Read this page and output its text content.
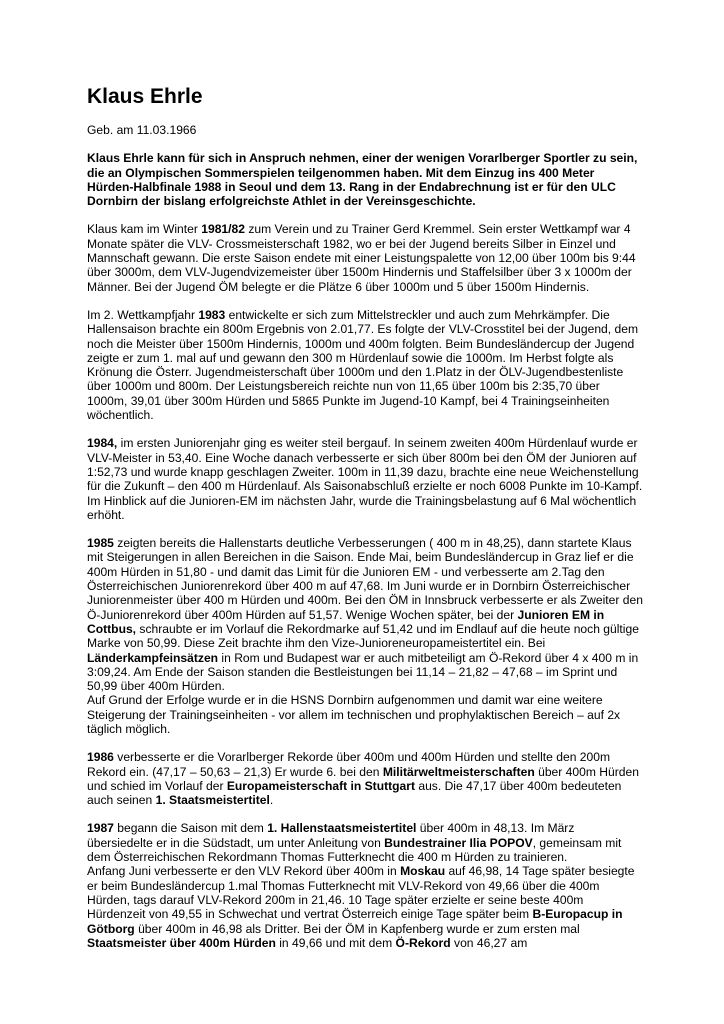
Klaus Ehrle

Geb. am 11.03.1966

Klaus Ehrle kann für sich in Anspruch nehmen, einer der wenigen Vorarlberger Sportler zu sein, die an Olympischen Sommerspielen teilgenommen haben. Mit dem Einzug ins 400 Meter Hürden-Halbfinale 1988 in Seoul und dem 13. Rang in der Endabrechnung ist er für den ULC Dornbirn der bislang erfolgreichste Athlet in der Vereinsgeschichte.

Klaus kam im Winter 1981/82 zum Verein und zu Trainer Gerd Kremmel. Sein erster Wettkampf war 4 Monate später die VLV- Crossmeisterschaft 1982, wo er bei der Jugend bereits Silber in Einzel und Mannschaft gewann. Die erste Saison endete mit einer Leistungspalette von 12,00 über 100m bis 9:44 über 3000m, dem VLV-Jugendvizemeister über 1500m Hindernis und Staffelsilber über 3 x 1000m der Männer. Bei der Jugend ÖM belegte er die Plätze 6 über 1000m und 5 über 1500m Hindernis.

Im 2. Wettkampfjahr 1983 entwickelte er sich zum Mittelstreckler und auch zum Mehrkämpfer. Die Hallensaison brachte ein 800m Ergebnis von 2.01,77. Es folgte der VLV-Crosstitel bei der Jugend, dem noch die Meister über 1500m Hindernis, 1000m und 400m folgten. Beim Bundesländercup der Jugend zeigte er zum 1. mal auf und gewann den 300 m Hürdenlauf sowie die 1000m. Im Herbst folgte als Krönung die Österr. Jugendmeisterschaft über 1000m und den 1.Platz in der ÖLV-Jugendbestenliste über 1000m und 800m. Der Leistungsbereich reichte nun von 11,65 über 100m bis 2:35,70 über 1000m, 39,01 über 300m Hürden und 5865 Punkte im Jugend-10 Kampf, bei 4 Trainingseinheiten wöchentlich.

1984, im ersten Juniorenjahr ging es weiter steil bergauf. In seinem zweiten 400m Hürdenlauf wurde er VLV-Meister in 53,40. Eine Woche danach verbesserte er sich über 800m bei den ÖM der Junioren auf 1:52,73 und wurde knapp geschlagen Zweiter. 100m in 11,39 dazu, brachte eine neue Weichenstellung für die Zukunft – den 400 m Hürdenlauf. Als Saisonabschluß erzielte er noch 6008 Punkte im 10-Kampf. Im Hinblick auf die Junioren-EM im nächsten Jahr, wurde die Trainingsbelastung auf 6 Mal wöchentlich erhöht.

1985 zeigten bereits die Hallenstarts deutliche Verbesserungen ( 400 m in 48,25), dann startete Klaus mit Steigerungen in allen Bereichen in die Saison. Ende Mai, beim Bundesländercup in Graz lief er die 400m Hürden in 51,80 - und damit das Limit für die Junioren EM - und verbesserte am 2.Tag den Österreichischen Juniorenrekord über 400 m auf 47,68. Im Juni wurde er in Dornbirn Österreichischer Juniorenmeister über 400 m Hürden und 400m. Bei den ÖM in Innsbruck verbesserte er als Zweiter den Ö-Juniorenrekord über 400m Hürden auf 51,57. Wenige Wochen später, bei der Junioren EM in Cottbus, schraubte er im Vorlauf die Rekordmarke auf 51,42 und im Endlauf auf die heute noch gültige Marke von 50,99. Diese Zeit brachte ihm den Vize-Junioreneuropameistertitel ein. Bei Länderkampfeinsätzen in Rom und Budapest war er auch mitbeteiligt am Ö-Rekord über 4 x 400 m in 3:09,24. Am Ende der Saison standen die Bestleistungen bei 11,14 – 21,82 – 47,68 – im Sprint und 50,99 über 400m Hürden.

Auf Grund der Erfolge wurde er in die HSNS Dornbirn aufgenommen und damit war eine weitere Steigerung der Trainingseinheiten - vor allem im technischen und prophylaktischen Bereich – auf 2x täglich möglich.

1986 verbesserte er die Vorarlberger Rekorde über 400m und 400m Hürden und stellte den 200m Rekord ein. (47,17 – 50,63 – 21,3) Er wurde 6. bei den Militärweltmeisterschaften über 400m Hürden und schied im Vorlauf der Europameisterschaft in Stuttgart aus. Die 47,17 über 400m bedeuteten auch seinen 1. Staatsmeistertitel.

1987 begann die Saison mit dem 1. Hallenstaatsmeistertitel über 400m in 48,13. Im März übersiedelte er in die Südstadt, um unter Anleitung von Bundestrainer Ilia POPOV, gemeinsam mit dem Österreichischen Rekordmann Thomas Futterknecht die 400 m Hürden zu trainieren.

Anfang Juni verbesserte er den VLV Rekord über 400m in Moskau auf 46,98, 14 Tage später besiegte er beim Bundesländercup 1.mal Thomas Futterknecht mit VLV-Rekord von 49,66 über die 400m Hürden, tags darauf VLV-Rekord 200m in 21,46. 10 Tage später erzielte er seine beste 400m Hürdenzeit von 49,55 in Schwechat und vertrat Österreich einige Tage später beim B-Europacup in Götborg über 400m in 46,98 als Dritter. Bei der ÖM in Kapfenberg wurde er zum ersten mal Staatsmeister über 400m Hürden in 49,66 und mit dem Ö-Rekord von 46,27 am
